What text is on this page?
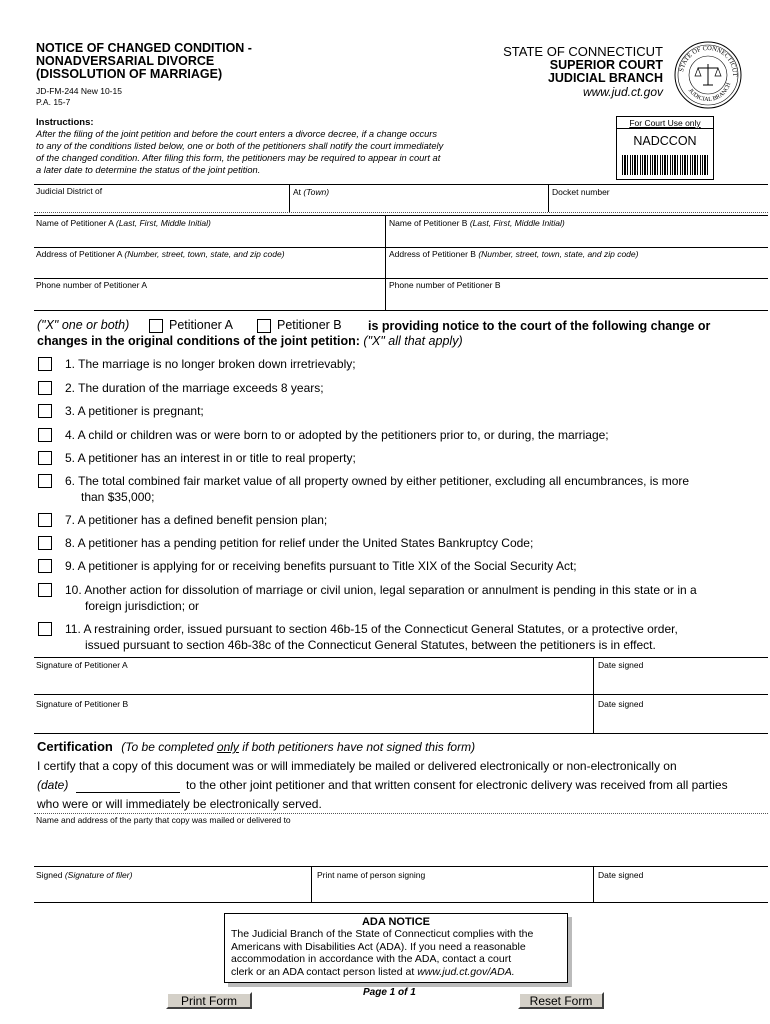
NOTICE OF CHANGED CONDITION -
NONADVERSARIAL DIVORCE
(DISSOLUTION OF MARRIAGE)
JD-FM-244 New 10-15
P.A. 15-7
STATE OF CONNECTICUT
SUPERIOR COURT
JUDICIAL BRANCH
www.jud.ct.gov
STATE OF CONNECTICUT
JUDICIAL BRANCH
Instructions:
After the filing of the joint petition and before the court enters a divorce decree, if a change occurs
to any of the conditions listed below, one or both of the petitioners shall notify the court immediately
of the changed condition. After filing this form, the petitioners may be required to appear in court at
a later date to determine the status of the joint petition.
For Court Use only
NADCCON
Judicial District of	At (Town)	Docket number
Name of Petitioner A (Last, First, Middle Initial)	Name of Petitioner B (Last, First, Middle Initial)
Address of Petitioner A (Number, street, town, state, and zip code)	Address of Petitioner B (Number, street, town, state, and zip code)
Phone number of Petitioner A	Phone number of Petitioner B
("X" one or both)	Petitioner A	Petitioner B is providing notice to the court of the following change or
changes in the original conditions of the joint petition: ("X" all that apply)
1. The marriage is no longer broken down irretrievably;
2. The duration of the marriage exceeds 8 years;
3. A petitioner is pregnant;
4. A child or children was or were born to or adopted by the petitioners prior to, or during, the marriage;
5. A petitioner has an interest in or title to real property;
6. The total combined fair market value of all property owned by either petitioner, excluding all encumbrances, is more
than $35,000;
7. A petitioner has a defined benefit pension plan;
8. A petitioner has a pending petition for relief under the United States Bankruptcy Code;
9. A petitioner is applying for or receiving benefits pursuant to Title XIX of the Social Security Act;
10. Another action for dissolution of marriage or civil union, legal separation or annulment is pending in this state or in a
foreign jurisdiction; or
11. A restraining order, issued pursuant to section 46b-15 of the Connecticut General Statutes, or a protective order,
issued pursuant to section 46b-38c of the Connecticut General Statutes, between the petitioners is in effect.
Signature of Petitioner A	Date signed
Signature of Petitioner B	Date signed
Certification (To be completed only if both petitioners have not signed this form)
I certify that a copy of this document was or will immediately be mailed or delivered electronically or non-electronically on
(date)	to the other joint petitioner and that written consent for electronic delivery was received from all parties
who were or will immediately be electronically served.
Name and address of the party that copy was mailed or delivered to
Signed (Signature of filer)	Print name of person signing	Date signed
ADA NOTICE
The Judicial Branch of the State of Connecticut complies with the
Americans with Disabilities Act (ADA). If you need a reasonable
accommodation in accordance with the ADA, contact a court
clerk or an ADA contact person listed at www.jud.ct.gov/ADA.
Page 1 of 1
Print Form	Reset Form
